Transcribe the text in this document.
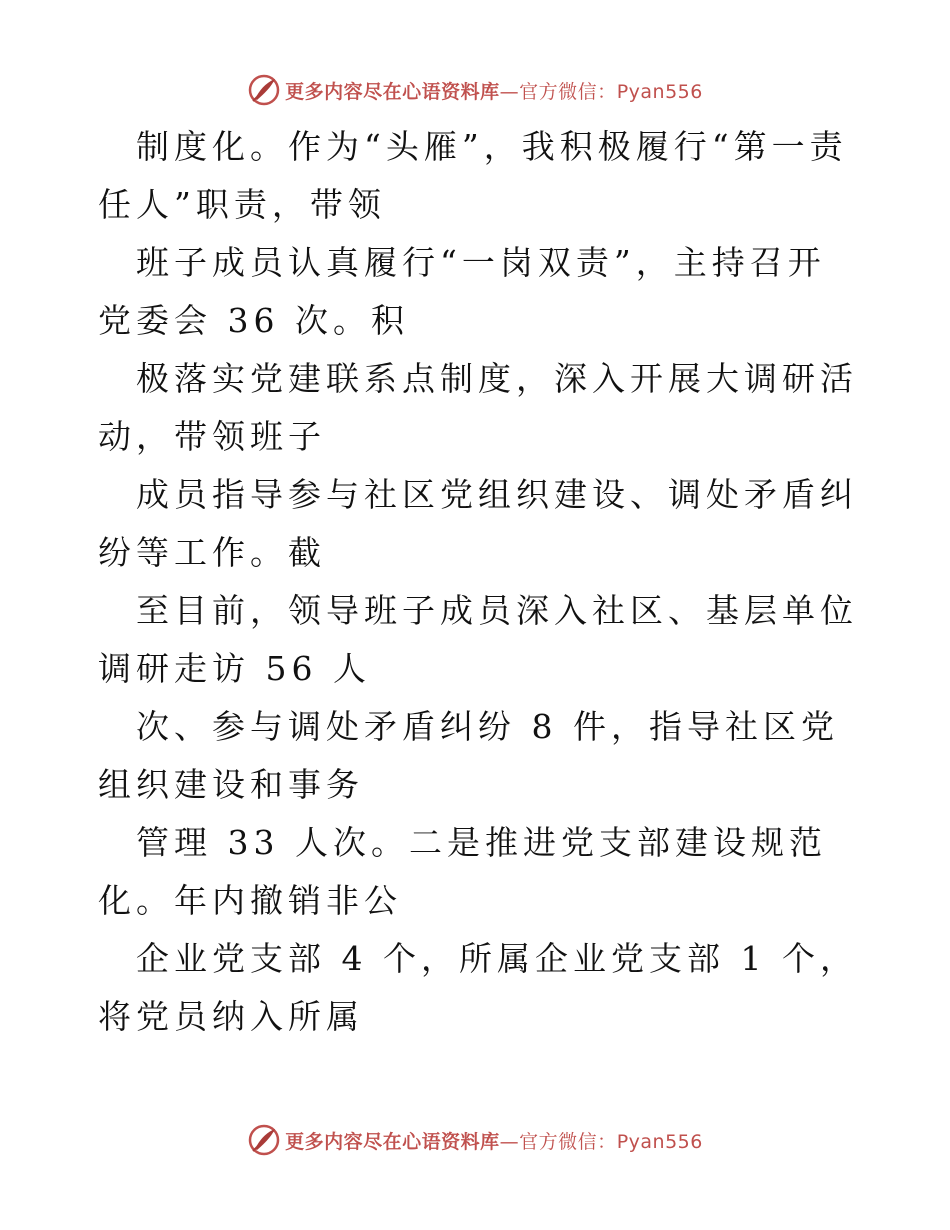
更多内容尽在心语资料库—官方微信：Pyan556

制度化。作为“头雁”，我积极履行“第一责任人”职责，带领

班子成员认真履行“一岗双责”，主持召开党委会 36 次。积

极落实党建联系点制度，深入开展大调研活动，带领班子

成员指导参与社区党组织建设、调处矛盾纠纷等工作。截

至目前，领导班子成员深入社区、基层单位调研走访 56 人

次、参与调处矛盾纠纷 8 件，指导社区党组织建设和事务

管理 33 人次。二是推进党支部建设规范化。年内撤销非公

企业党支部 4 个，所属企业党支部 1 个，将党员纳入所属

更多内容尽在心语资料库—官方微信：Pyan556
